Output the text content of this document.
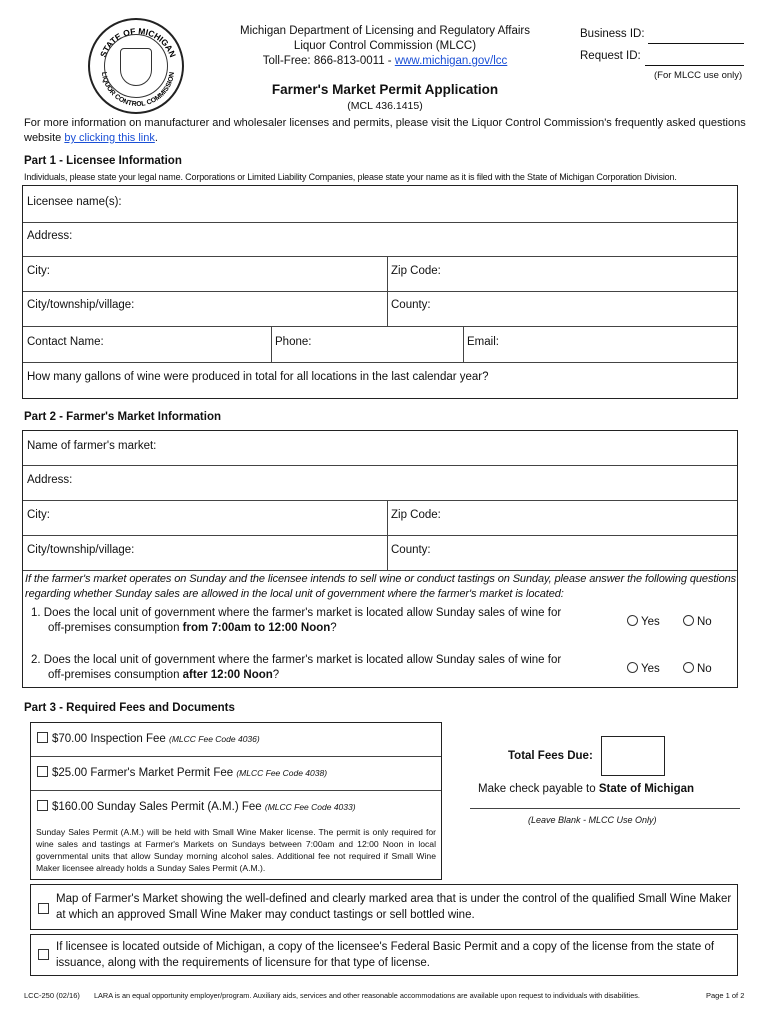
STATE OF MICHIGAN
LIQUOR CONTROL COMMISSION
Michigan Department of Licensing and Regulatory Affairs
Liquor Control Commission (MLCC)
Toll-Free: 866-813-0011 - www.michigan.gov/lcc
Business ID:
Request ID:
(For MLCC use only)
Farmer's Market Permit Application
(MCL 436.1415)
For more information on manufacturer and wholesaler licenses and permits, please visit the Liquor Control Commission's frequently asked questions website by clicking this link.
Part 1 - Licensee Information
Individuals, please state your legal name. Corporations or Limited Liability Companies, please state your name as it is filed with the State of Michigan Corporation Division.
Licensee name(s):
Address:
City:	Zip Code:
City/township/village:	County:
Contact Name:	Phone:	Email:
How many gallons of wine were produced in total for all locations in the last calendar year?
Part 2 - Farmer's Market Information
Name of farmer's market:
Address:
City:	Zip Code:
City/township/village:	County:
If the farmer's market operates on Sunday and the licensee intends to sell wine or conduct tastings on Sunday, please answer the following questions regarding whether Sunday sales are allowed in the local unit of government where the farmer's market is located:
1. Does the local unit of government where the farmer's market is located allow Sunday sales of wine for
off-premises consumption from 7:00am to 12:00 Noon?	Yes	No
2. Does the local unit of government where the farmer's market is located allow Sunday sales of wine for
off-premises consumption after 12:00 Noon?	Yes	No
Part 3 - Required Fees and Documents
$70.00 Inspection Fee (MLCC Fee Code 4036)
$25.00 Farmer's Market Permit Fee (MLCC Fee Code 4038)
$160.00 Sunday Sales Permit (A.M.) Fee (MLCC Fee Code 4033)
Sunday Sales Permit (A.M.) will be held with Small Wine Maker license. The permit is only required for wine sales and tastings at Farmer's Markets on Sundays between 7:00am and 12:00 Noon in local governmental units that allow Sunday morning alcohol sales. Additional fee not required if Small Wine Maker licensee already holds a Sunday Sales Permit (A.M.).
Total Fees Due:
Make check payable to State of Michigan
(Leave Blank - MLCC Use Only)
Map of Farmer's Market showing the well-defined and clearly marked area that is under the control of the qualified Small Wine Maker at which an approved Small Wine Maker may conduct tastings or sell bottled wine.
If licensee is located outside of Michigan, a copy of the licensee's Federal Basic Permit and a copy of the license from the state of issuance, along with the requirements of licensure for that type of license.
LCC-250 (02/16) LARA is an equal opportunity employer/program. Auxiliary aids, services and other reasonable accommodations are available upon request to individuals with disabilities.	Page 1 of 2
